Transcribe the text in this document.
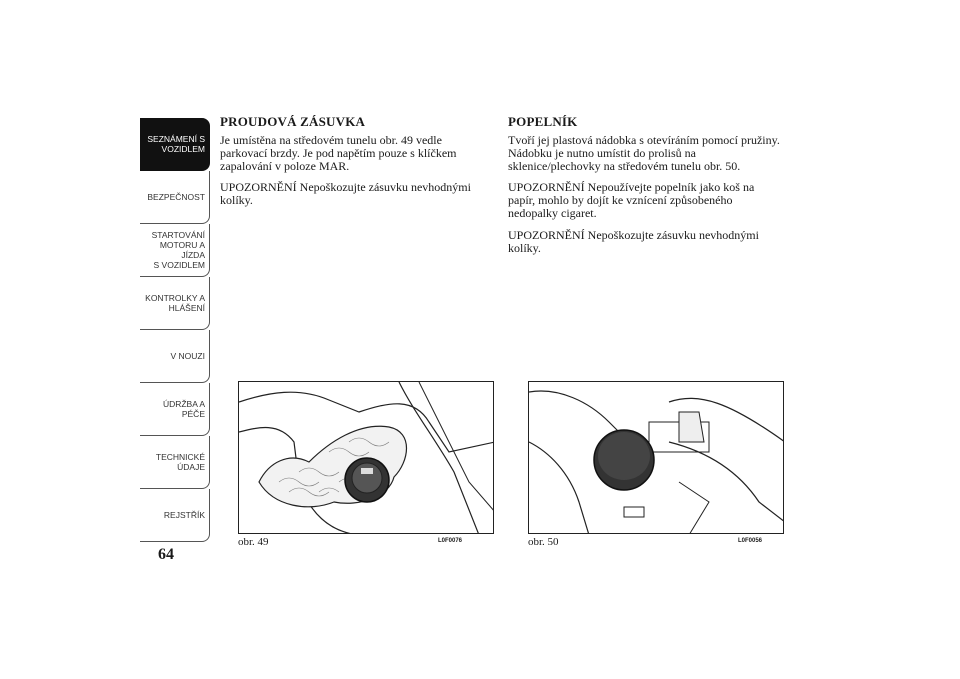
SEZNÁMENÍ S
VOZIDLEM
BEZPEČNOST
STARTOVÁNÍ
MOTORU A JÍZDA
S VOZIDLEM
KONTROLKY A
HLÁŠENÍ
V NOUZI
ÚDRŽBA A PÉČE
TECHNICKÉ
ÚDAJE
REJSTŘÍK
64
PROUDOVÁ ZÁSUVKA

Je umístěna na středovém tunelu obr. 49 vedle parkovací brzdy. Je pod napětím pouze s klíčkem zapalování v poloze MAR.

UPOZORNĚNÍ Nepoškozujte zásuvku nevhodnými kolíky.

POPELNÍK

Tvoří jej plastová nádobka s otevíráním pomocí pružiny. Nádobku je nutno umístit do prolisů na sklenice/plechovky na středovém tunelu obr. 50.

UPOZORNĚNÍ Nepoužívejte popelník jako koš na papír, mohlo by dojít ke vznícení způsobeného nedopalky cigaret.

UPOZORNĚNÍ Nepoškozujte zásuvku nevhodnými kolíky.

obr. 49	L0F0076	obr. 50	L0F0056
